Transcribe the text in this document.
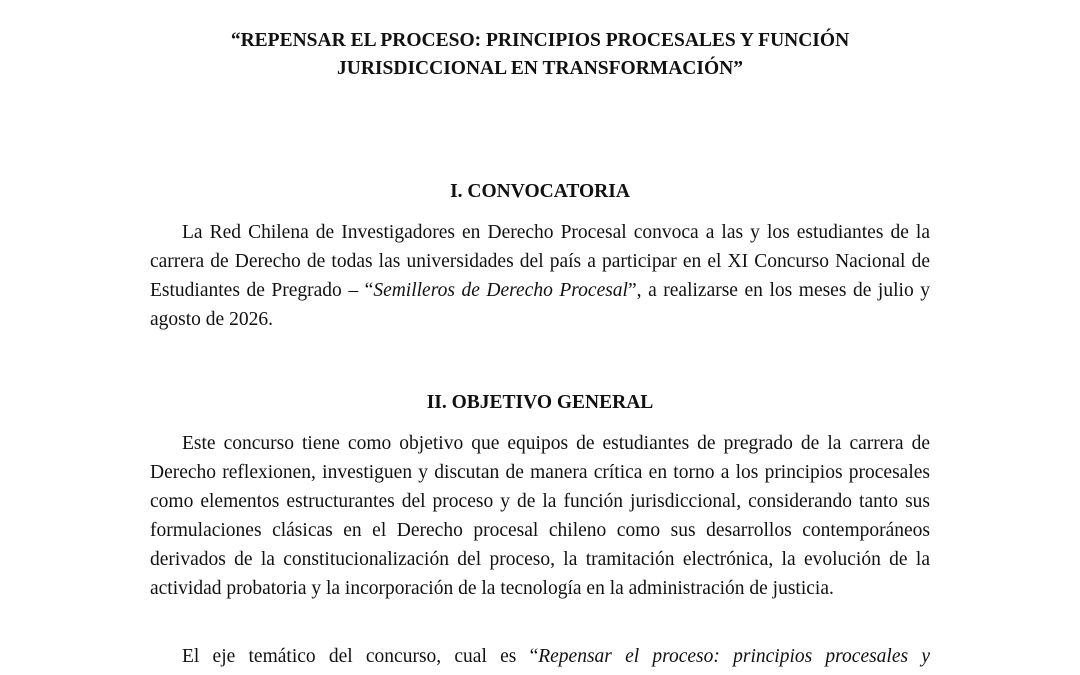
“REPENSAR EL PROCESO: PRINCIPIOS PROCESALES Y FUNCIÓN
JURISDICCIONAL EN TRANSFORMACIÓN”
I. CONVOCATORIA

La Red Chilena de Investigadores en Derecho Procesal convoca a las y los estudiantes de la carrera de Derecho de todas las universidades del país a participar en el XI Concurso Nacional de Estudiantes de Pregrado – “Semilleros de Derecho Procesal”, a realizarse en los meses de julio y agosto de 2026.

II. OBJETIVO GENERAL

Este concurso tiene como objetivo que equipos de estudiantes de pregrado de la carrera de Derecho reflexionen, investiguen y discutan de manera crítica en torno a los principios procesales como elementos estructurantes del proceso y de la función jurisdiccional, considerando tanto sus formulaciones clásicas en el Derecho procesal chileno como sus desarrollos contemporáneos derivados de la constitucionalización del proceso, la tramitación electrónica, la evolución de la actividad probatoria y la incorporación de la tecnología en la administración de justicia.

El eje temático del concurso, cual es “Repensar el proceso: principios procesales y
